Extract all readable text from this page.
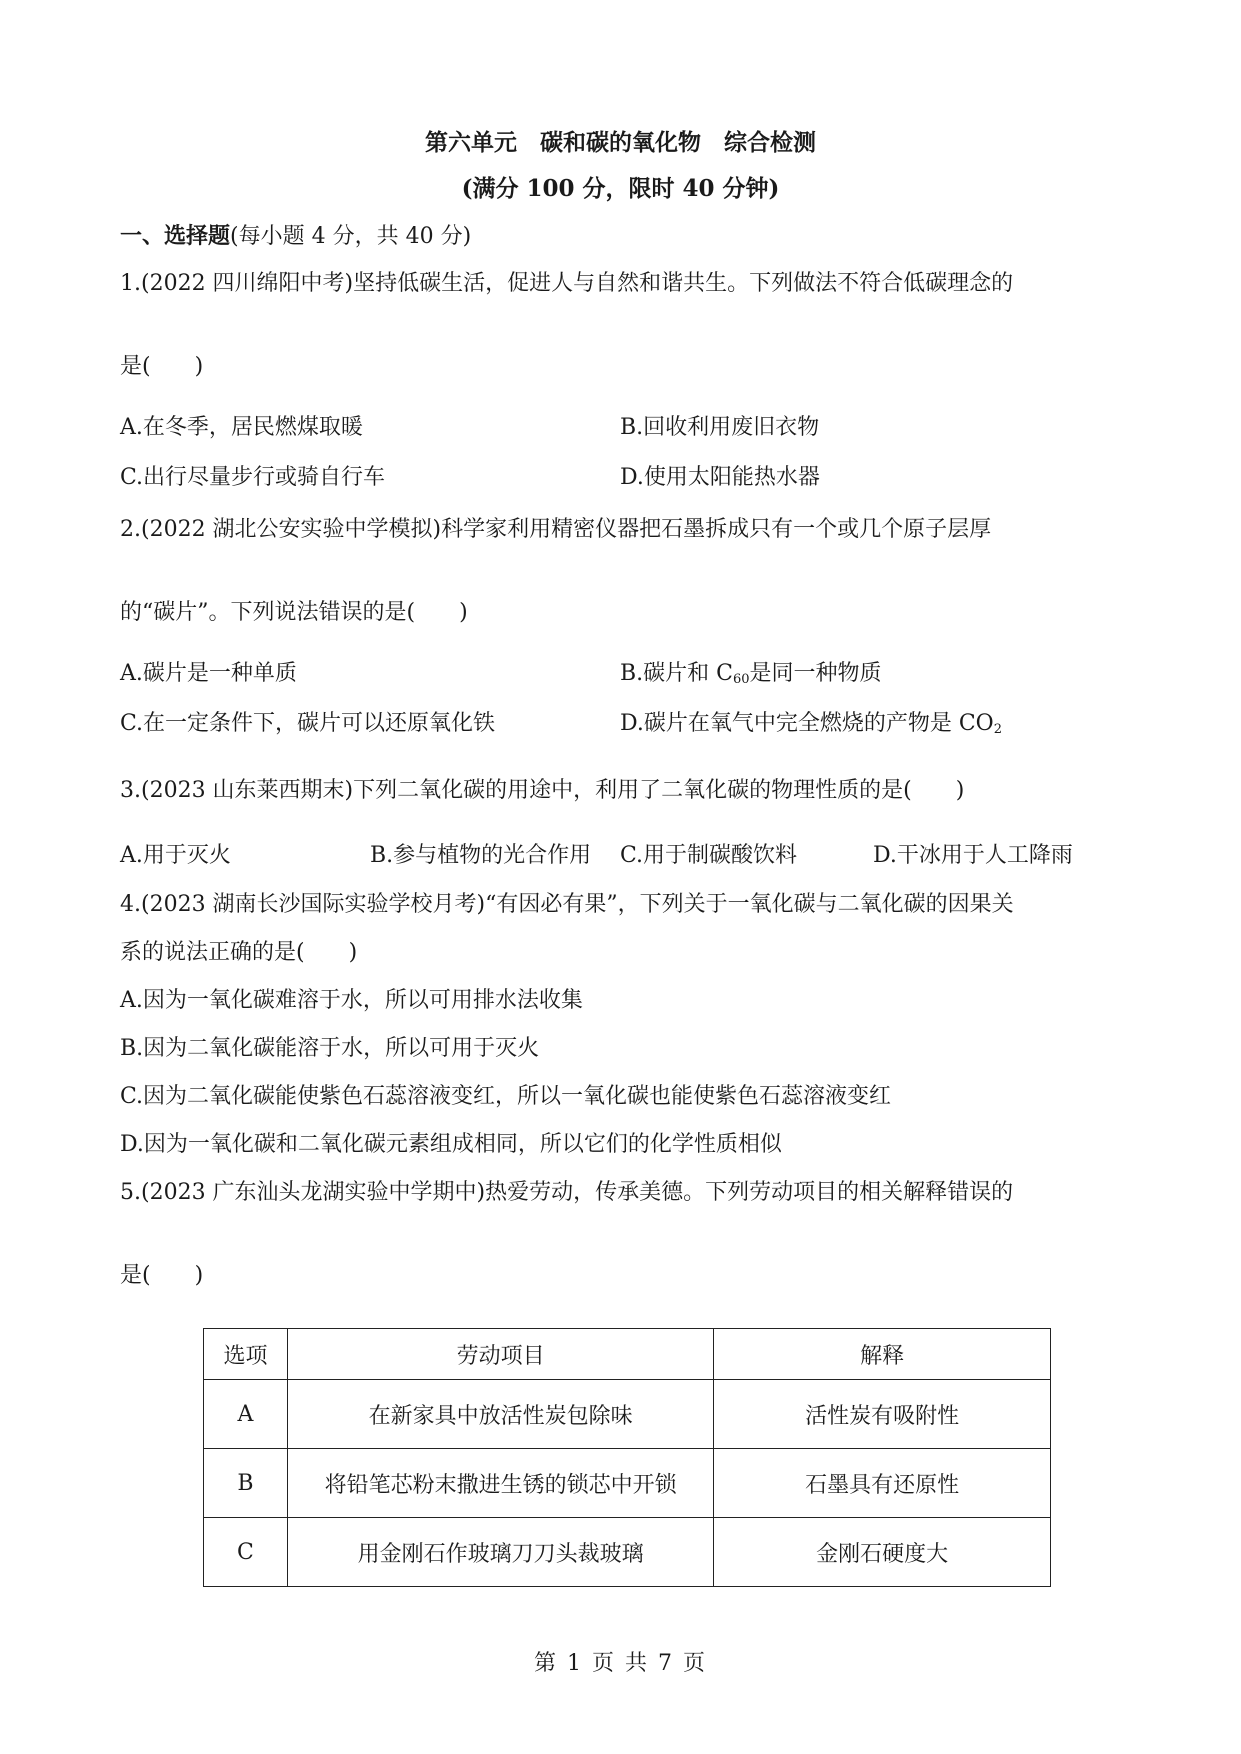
第六单元　碳和碳的氧化物　综合检测
(满分 100 分，限时 40 分钟)
一、选择题(每小题 4 分，共 40 分)
1.(2022 四川绵阳中考)坚持低碳生活，促进人与自然和谐共生。下列做法不符合低碳理念的
是(　　)
A.在冬季，居民燃煤取暖	B.回收利用废旧衣物
C.出行尽量步行或骑自行车	D.使用太阳能热水器
2.(2022 湖北公安实验中学模拟)科学家利用精密仪器把石墨拆成只有一个或几个原子层厚
的“碳片”。下列说法错误的是(　　)
A.碳片是一种单质	B.碳片和 $C_{60}$是同一种物质
C.在一定条件下，碳片可以还原氧化铁	D.碳片在氧气中完全燃烧的产物是 $CO_2$
3.(2023 山东莱西期末)下列二氧化碳的用途中，利用了二氧化碳的物理性质的是(　　)
A.用于灭火	B.参与植物的光合作用 C.用于制碳酸饮料	D.干冰用于人工降雨
4.(2023 湖南长沙国际实验学校月考)“有因必有果”，下列关于一氧化碳与二氧化碳的因果关
系的说法正确的是(　　)
A.因为一氧化碳难溶于水，所以可用排水法收集
B.因为二氧化碳能溶于水，所以可用于灭火
C.因为二氧化碳能使紫色石蕊溶液变红，所以一氧化碳也能使紫色石蕊溶液变红
D.因为一氧化碳和二氧化碳元素组成相同，所以它们的化学性质相似
5.(2023 广东汕头龙湖实验中学期中)热爱劳动，传承美德。下列劳动项目的相关解释错误的
是(　　)
选项	劳动项目	解释
A	在新家具中放活性炭包除味	活性炭有吸附性
B	将铅笔芯粉末撒进生锈的锁芯中开锁	石墨具有还原性
C	用金刚石作玻璃刀刀头裁玻璃	金刚石硬度大
第 1 页 共 7 页
